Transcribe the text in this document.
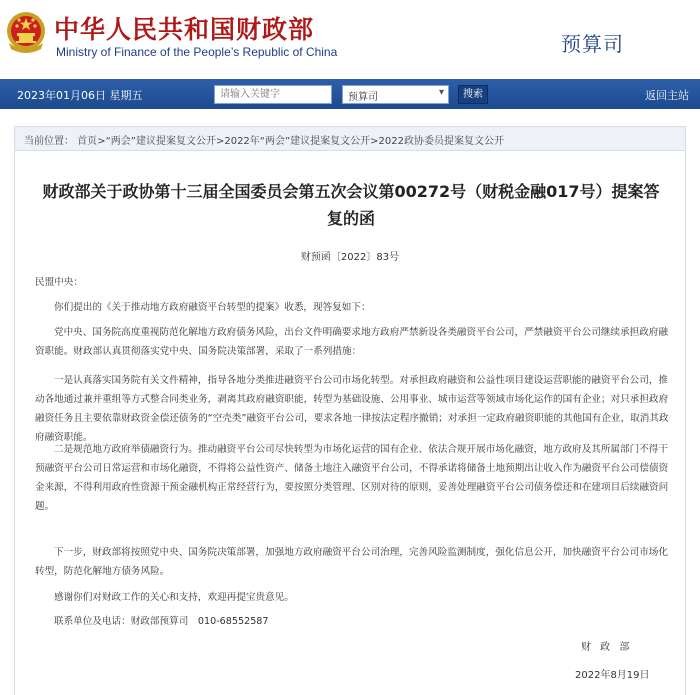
中华人民共和国财政部
Ministry of Finance of the People’s Republic of China	预算司
2023年01月06日 星期五
请输入关键字	预算司	▾	搜索	返回主站
当前位置： 首页>“两会”建议提案复文公开>2022年“两会”建议提案复文公开>2022政协委员提案复文公开
财政部关于政协第十三届全国委员会第五次会议第00272号（财税金融017号）提案答复的函
财预函〔2022〕83号
民盟中央：
你们提出的《关于推动地方政府融资平台转型的提案》收悉，现答复如下：
党中央、国务院高度重视防范化解地方政府债务风险，出台文件明确要求地方政府严禁新设各类融资平台公司，严禁融资平台公司继续承担政府融资职能。财政部认真贯彻落实党中央、国务院决策部署，采取了一系列措施：
一是认真落实国务院有关文件精神，指导各地分类推进融资平台公司市场化转型。对承担政府融资和公益性项目建设运营职能的融资平台公司，推动各地通过兼并重组等方式整合同类业务，剥离其政府融资职能，转型为基础设施、公用事业、城市运营等领域市场化运作的国有企业；对只承担政府融资任务且主要依靠财政资金偿还债务的“空壳类”融资平台公司，要求各地一律按法定程序撤销；对承担一定政府融资职能的其他国有企业，取消其政府融资职能。
二是规范地方政府举债融资行为。推动融资平台公司尽快转型为市场化运营的国有企业、依法合规开展市场化融资，地方政府及其所属部门不得干预融资平台公司日常运营和市场化融资，不得将公益性资产、储备土地注入融资平台公司，不得承诺将储备土地预期出让收入作为融资平台公司偿债资金来源，不得利用政府性资源干预金融机构正常经营行为，要按照分类管理、区别对待的原则，妥善处理融资平台公司债务偿还和在建项目后续融资问题。
下一步，财政部将按照党中央、国务院决策部署，加强地方政府融资平台公司治理，完善风险监测制度，强化信息公开，加快融资平台公司市场化转型，防范化解地方债务风险。
感谢你们对财政工作的关心和支持，欢迎再提宝贵意见。
联系单位及电话：财政部预算司　010-68552587
财 政 部
2022年8月19日
